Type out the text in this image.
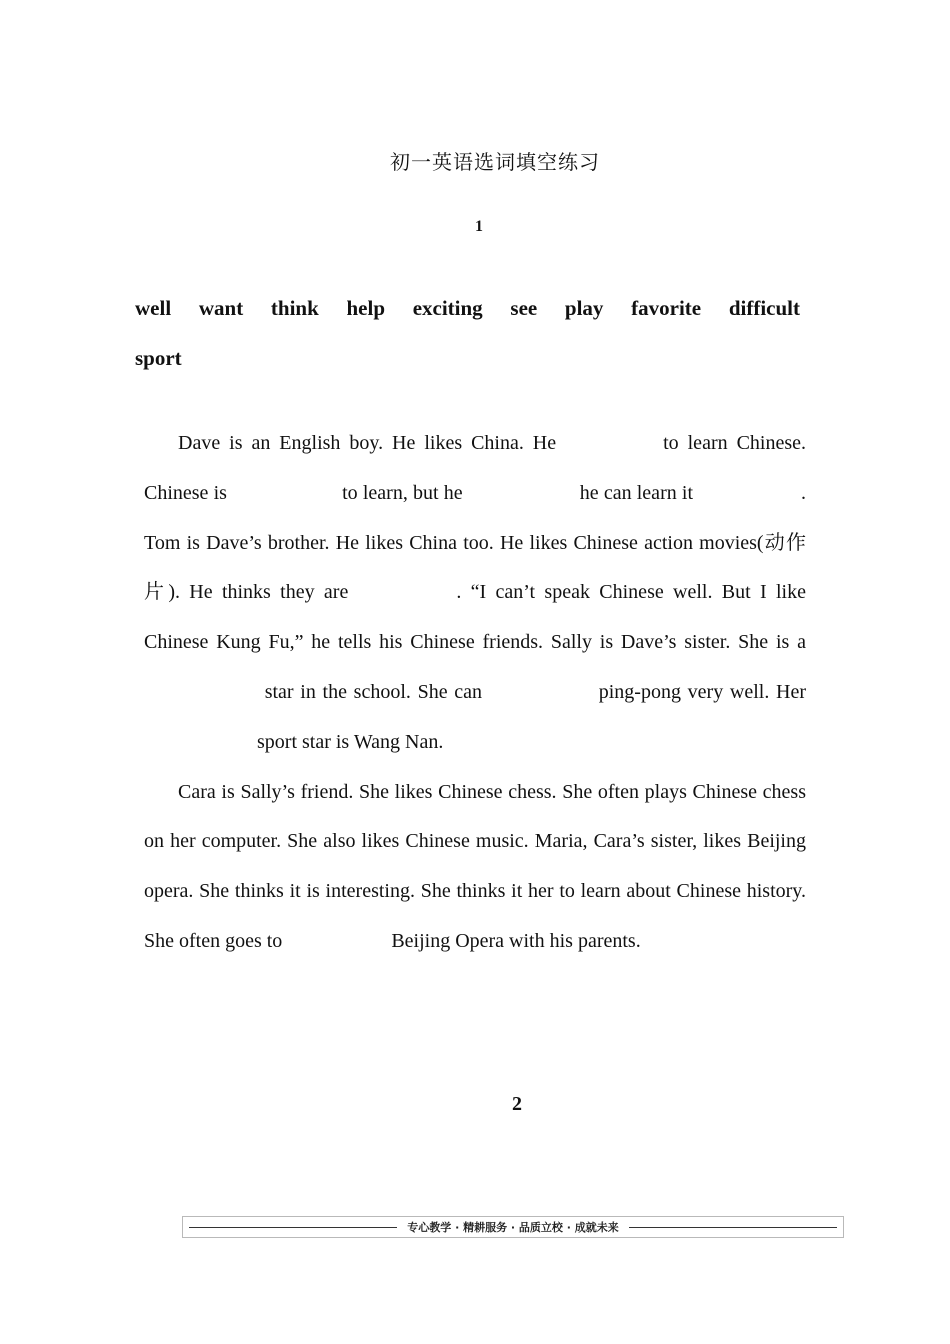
初一英语选词填空练习
1
well want think help exciting see play favorite difficult
sport

Dave is an English boy. He likes China. He	to learn Chinese. Chinese is	to learn, but he	he can learn it	. Tom is Dave’s brother. He likes China too. He likes Chinese action movies(动作片). He thinks they are	. “I can’t speak Chinese well. But I like Chinese Kung Fu,” he tells his Chinese friends. Sally is Dave’s sister. She is a star in the school. She can	ping-pong very well. Her sport star is Wang Nan.

Cara is Sally’s friend. She likes Chinese chess. She often plays Chinese chess on her computer. She also likes Chinese music. Maria, Cara’s sister, likes Beijing opera. She thinks it is interesting. She thinks it her to learn about Chinese history. She often goes to	Beijing Opera with his parents.

2
专心教学 · 精耕服务 · 品质立校 · 成就未来
